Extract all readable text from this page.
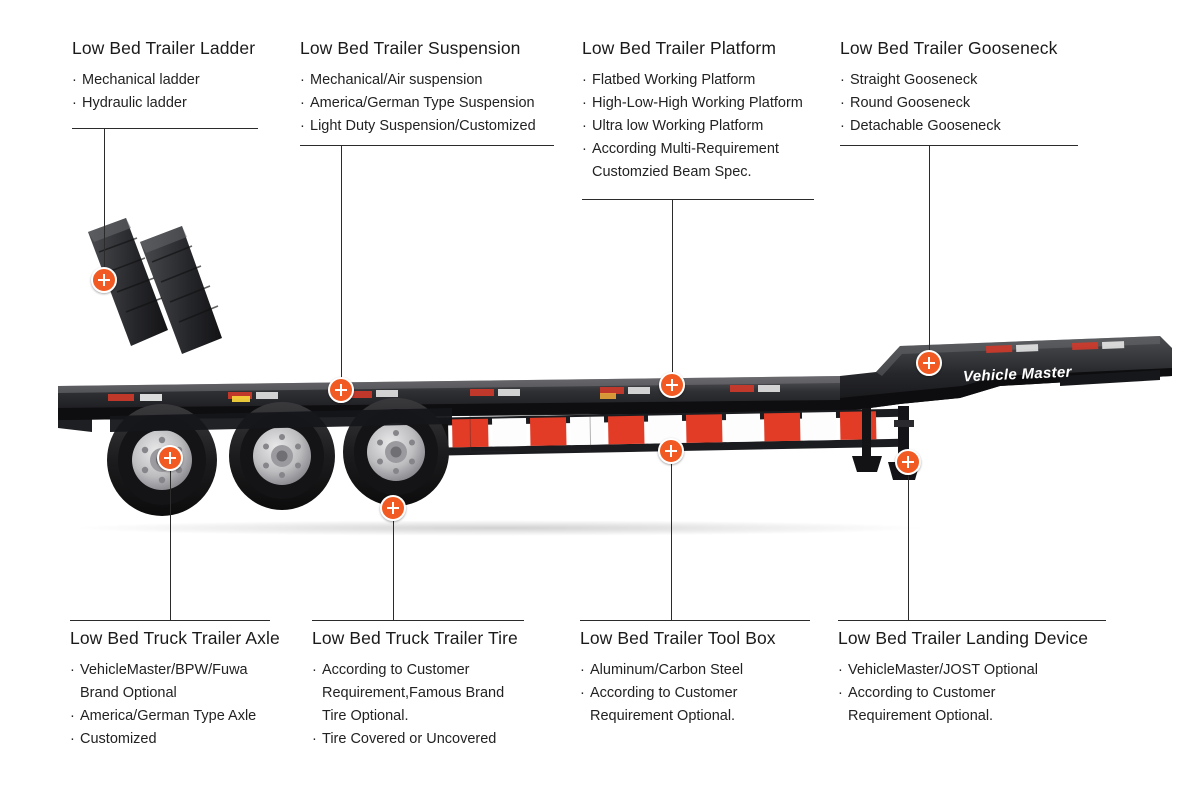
Vehicle Master
Low Bed Trailer Ladder
· Mechanical ladder
· Hydraulic ladder
Low Bed Trailer Suspension
· Mechanical/Air suspension
· America/German Type Suspension
· Light Duty Suspension/Customized
Low Bed Trailer Platform
· Flatbed Working Platform
· High-Low-High Working Platform
· Ultra low Working Platform
· According Multi-Requirement
Customzied Beam Spec.
Low Bed Trailer Gooseneck
· Straight Gooseneck
· Round Gooseneck
· Detachable Gooseneck
Low Bed Truck Trailer Axle
· VehicleMaster/BPW/Fuwa
Brand Optional
· America/German Type Axle
· Customized
Low Bed Truck Trailer Tire
· According to Customer
Requirement,Famous Brand
Tire Optional.
· Tire Covered or Uncovered
Low Bed Trailer Tool Box
· Aluminum/Carbon Steel
· According to Customer
Requirement Optional.
Low Bed Trailer Landing Device
· VehicleMaster/JOST Optional
· According to Customer
Requirement Optional.
